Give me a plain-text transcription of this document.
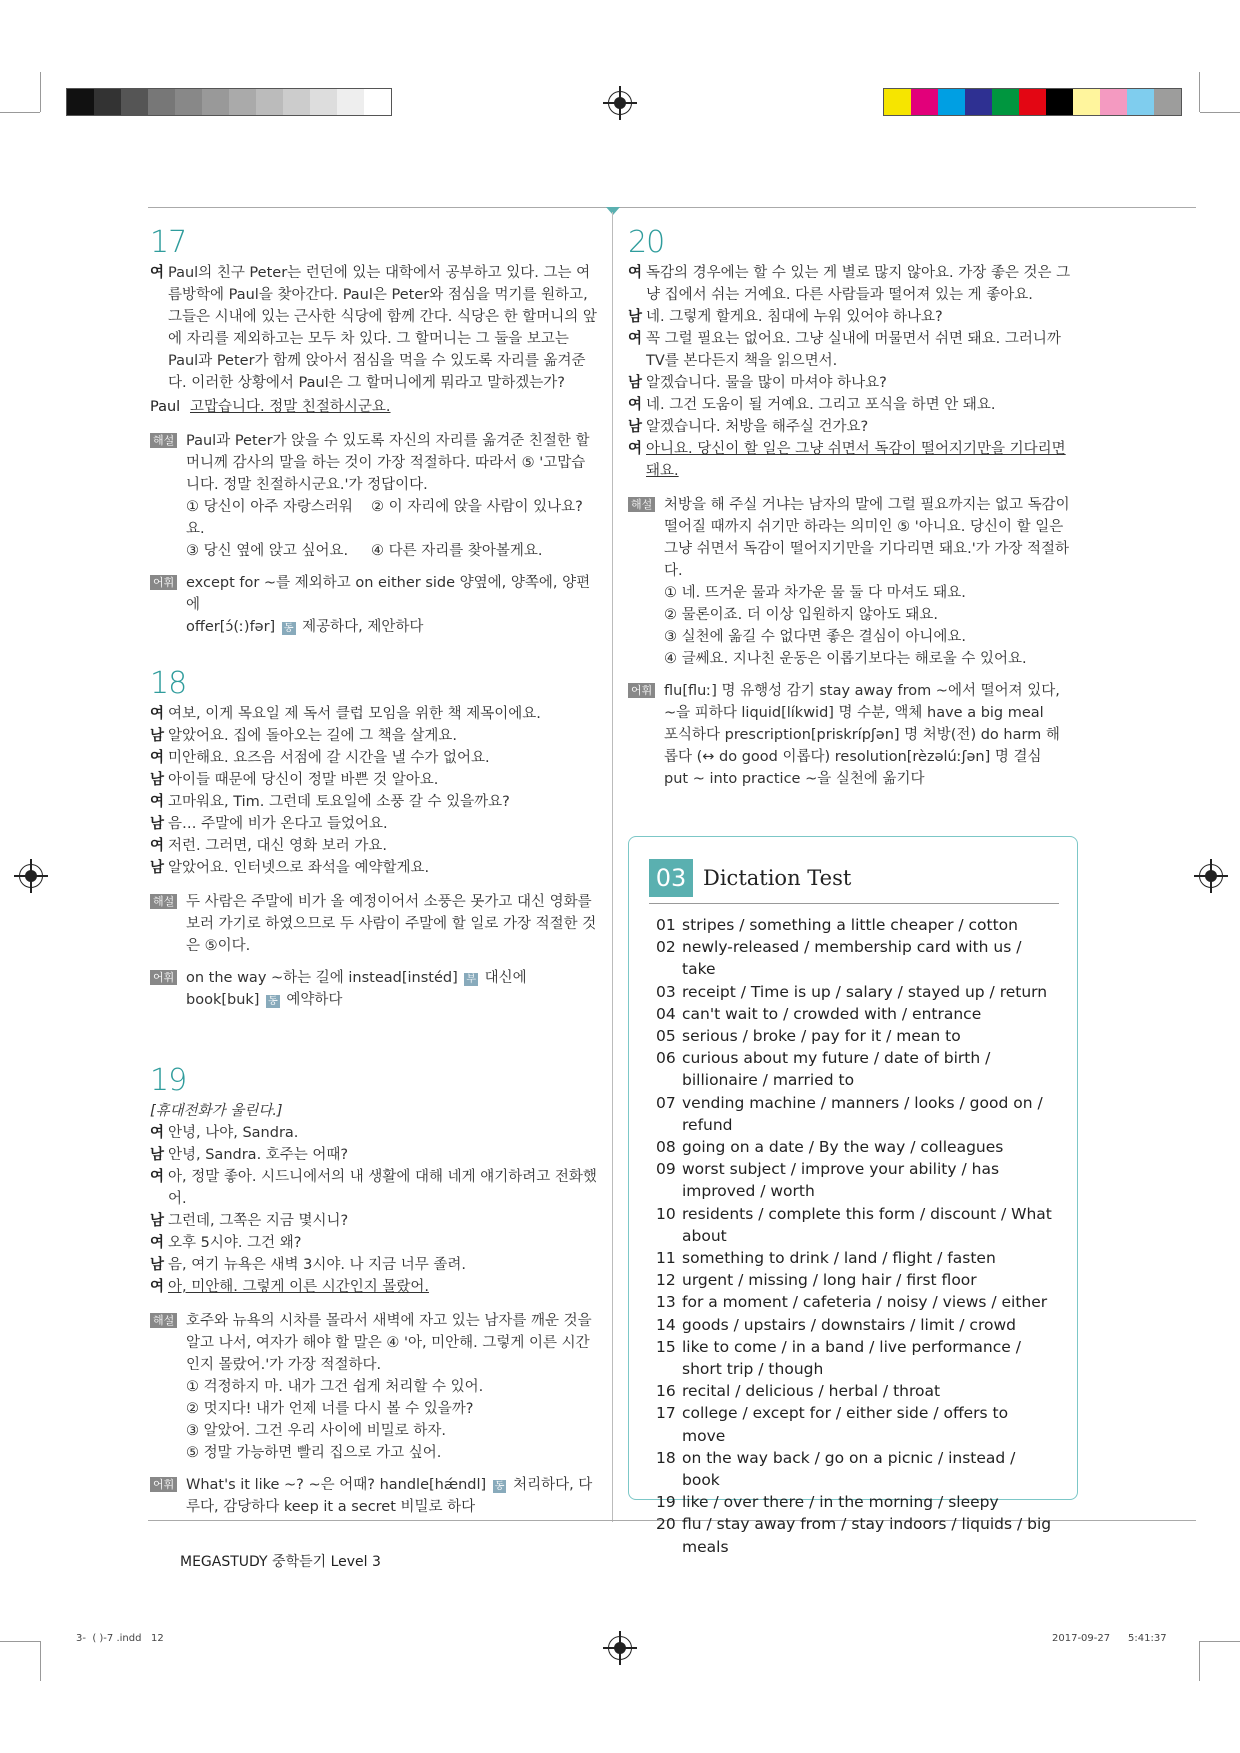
17
여 Paul의 친구 Peter는 런던에 있는 대학에서 공부하고 있다. 그는 여름방학에 Paul을 찾아간다. Paul은 Peter와 점심을 먹기를 원하고, 그들은 시내에 있는 근사한 식당에 함께 간다. 식당은 한 할머니의 앞에 자리를 제외하고는 모두 차 있다. 그 할머니는 그 둘을 보고는 Paul과 Peter가 함께 앉아서 점심을 먹을 수 있도록 자리를 옮겨준다. 이러한 상황에서 Paul은 그 할머니에게 뭐라고 말하겠는가?
Paul 고맙습니다. 정말 친절하시군요.
해설 Paul과 Peter가 앉을 수 있도록 자신의 자리를 옮겨준 친절한 할머니께 감사의 말을 하는 것이 가장 적절하다. 따라서 ⑤ '고맙습니다. 정말 친절하시군요.'가 정답이다.
① 당신이 아주 자랑스러워요.
② 이 자리에 앉을 사람이 있나요?
③ 당신 옆에 앉고 싶어요.	④ 다른 자리를 찾아볼게요.
어휘 except for ~를 제외하고 on either side 양옆에, 양쪽에, 양편에
offer[ɔ́(ː)fər] 동 제공하다, 제안하다
18
여 여보, 이게 목요일 제 독서 클럽 모임을 위한 책 제목이에요.
남 알았어요. 집에 돌아오는 길에 그 책을 살게요.
여 미안해요. 요즈음 서점에 갈 시간을 낼 수가 없어요.
남 아이들 때문에 당신이 정말 바쁜 것 알아요.
여 고마워요, Tim. 그런데 토요일에 소풍 갈 수 있을까요?
남 음… 주말에 비가 온다고 들었어요.
여 저런. 그러면, 대신 영화 보러 가요.
남 알았어요. 인터넷으로 좌석을 예약할게요.
해설 두 사람은 주말에 비가 올 예정이어서 소풍은 못가고 대신 영화를 보러 가기로 하였으므로 두 사람이 주말에 할 일로 가장 적절한 것은 ⑤이다.
어휘 on the way ~하는 길에 instead[instéd] 부 대신에
book[buk] 동 예약하다
19
[휴대전화가 울린다.]
여 안녕, 나야, Sandra.
남 안녕, Sandra. 호주는 어때?
여 아, 정말 좋아. 시드니에서의 내 생활에 대해 네게 얘기하려고 전화했어.
남 그런데, 그쪽은 지금 몇시니?
여 오후 5시야. 그건 왜?
남 음, 여기 뉴욕은 새벽 3시야. 나 지금 너무 졸려.
여 아, 미안해. 그렇게 이른 시간인지 몰랐어.
해설 호주와 뉴욕의 시차를 몰라서 새벽에 자고 있는 남자를 깨운 것을 알고 나서, 여자가 해야 할 말은 ④ '아, 미안해. 그렇게 이른 시간인지 몰랐어.'가 가장 적절하다.
① 걱정하지 마. 내가 그건 쉽게 처리할 수 있어.
② 멋지다! 내가 언제 너를 다시 볼 수 있을까?
③ 알았어. 그건 우리 사이에 비밀로 하자.
⑤ 정말 가능하면 빨리 집으로 가고 싶어.
어휘 What's it like ~? ~은 어때? handle[hǽndl] 동 처리하다, 다루다, 감당하다 keep it a secret 비밀로 하다
20
여 독감의 경우에는 할 수 있는 게 별로 많지 않아요. 가장 좋은 것은 그냥 집에서 쉬는 거예요. 다른 사람들과 떨어져 있는 게 좋아요.
남 네. 그렇게 할게요. 침대에 누워 있어야 하나요?
여 꼭 그럴 필요는 없어요. 그냥 실내에 머물면서 쉬면 돼요. 그러니까 TV를 본다든지 책을 읽으면서.
남 알겠습니다. 물을 많이 마셔야 하나요?
여 네. 그건 도움이 될 거예요. 그리고 포식을 하면 안 돼요.
남 알겠습니다. 처방을 해주실 건가요?
여 아니요. 당신이 할 일은 그냥 쉬면서 독감이 떨어지기만을 기다리면 돼요.
해설 처방을 해 주실 거냐는 남자의 말에 그럴 필요까지는 없고 독감이 떨어질 때까지 쉬기만 하라는 의미인 ⑤ '아니요. 당신이 할 일은 그냥 쉬면서 독감이 떨어지기만을 기다리면 돼요.'가 가장 적절하다.
① 네. 뜨거운 물과 차가운 물 둘 다 마셔도 돼요.
② 물론이죠. 더 이상 입원하지 않아도 돼요.
③ 실천에 옮길 수 없다면 좋은 결심이 아니에요.
④ 글쎄요. 지나친 운동은 이롭기보다는 해로울 수 있어요.
어휘 flu[fluː] 명 유행성 감기 stay away from ~에서 떨어져 있다,
~을 피하다 liquid[líkwid] 명 수분, 액체 have a big meal
포식하다 prescription[priskrípʃən] 명 처방(전) do harm 해
롭다 (↔ do good 이롭다) resolution[rèzəlúːʃən] 명 결심
put ~ into practice ~을 실천에 옮기다
03 Dictation Test
01 stripes / something a little cheaper / cotton
02 newly-released / membership card with us / take
03 receipt / Time is up / salary / stayed up / return
04 can't wait to / crowded with / entrance
05 serious / broke / pay for it / mean to
06 curious about my future / date of birth / billionaire / married to
07 vending machine / manners / looks / good on / refund
08 going on a date / By the way / colleagues
09 worst subject / improve your ability / has improved / worth
10 residents / complete this form / discount / What about
11 something to drink / land / flight / fasten
12 urgent / missing / long hair / first floor
13 for a moment / cafeteria / noisy / views / either
14 goods / upstairs / downstairs / limit / crowd
15 like to come / in a band / live performance / short trip / though
16 recital / delicious / herbal / throat
17 college / except for / either side / offers to move
18 on the way back / go on a picnic / instead / book
19 like / over there / in the morning / sleepy
20 flu / stay away from / stay indoors / liquids / big meals
MEGASTUDY 중학듣기 Level 3
3-  ( )-7 .indd   12	2017-09-27 5:41:37
